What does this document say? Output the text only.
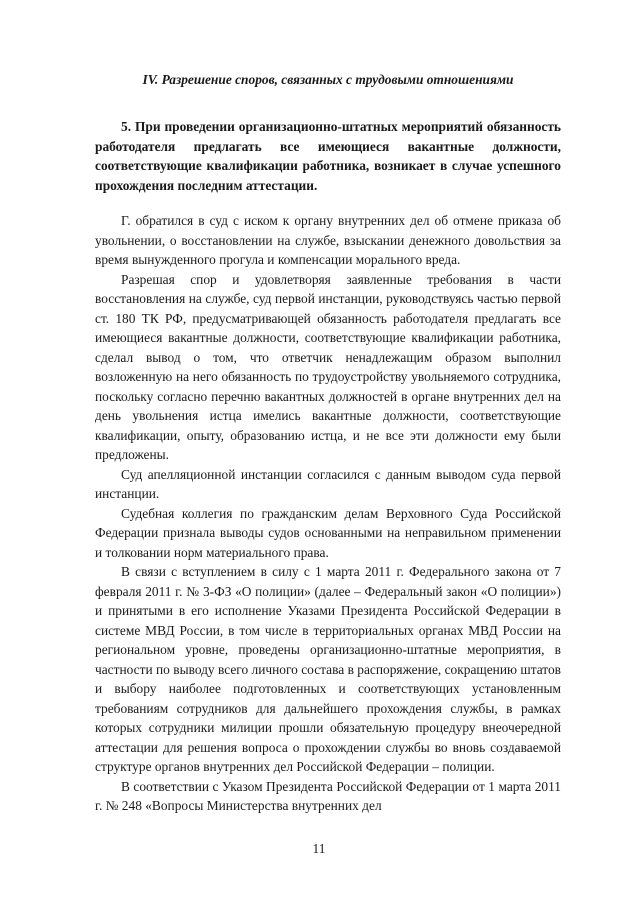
IV. Разрешение споров, связанных с трудовыми отношениями

5. При проведении организационно-штатных мероприятий обязанность работодателя предлагать все имеющиеся вакантные должности, соответствующие квалификации работника, возникает в случае успешного прохождения последним аттестации.

Г. обратился в суд с иском к органу внутренних дел об отмене приказа об увольнении, о восстановлении на службе, взыскании денежного довольствия за время вынужденного прогула и компенсации морального вреда.

Разрешая спор и удовлетворяя заявленные требования в части восстановления на службе, суд первой инстанции, руководствуясь частью первой ст. 180 ТК РФ, предусматривающей обязанность работодателя предлагать все имеющиеся вакантные должности, соответствующие квалификации работника, сделал вывод о том, что ответчик ненадлежащим образом выполнил возложенную на него обязанность по трудоустройству увольняемого сотрудника, поскольку согласно перечню вакантных должностей в органе внутренних дел на день увольнения истца имелись вакантные должности, соответствующие квалификации, опыту, образованию истца, и не все эти должности ему были предложены.

Суд апелляционной инстанции согласился с данным выводом суда первой инстанции.

Судебная коллегия по гражданским делам Верховного Суда Российской Федерации признала выводы судов основанными на неправильном применении и толковании норм материального права.

В связи с вступлением в силу с 1 марта 2011 г. Федерального закона от 7 февраля 2011 г. № 3-ФЗ «О полиции» (далее – Федеральный закон «О полиции») и принятыми в его исполнение Указами Президента Российской Федерации в системе МВД России, в том числе в территориальных органах МВД России на региональном уровне, проведены организационно-штатные мероприятия, в частности по выводу всего личного состава в распоряжение, сокращению штатов и выбору наиболее подготовленных и соответствующих установленным требованиям сотрудников для дальнейшего прохождения службы, в рамках которых сотрудники милиции прошли обязательную процедуру внеочередной аттестации для решения вопроса о прохождении службы во вновь создаваемой структуре органов внутренних дел Российской Федерации – полиции.

В соответствии с Указом Президента Российской Федерации от 1 марта 2011 г. № 248 «Вопросы Министерства внутренних дел

11
